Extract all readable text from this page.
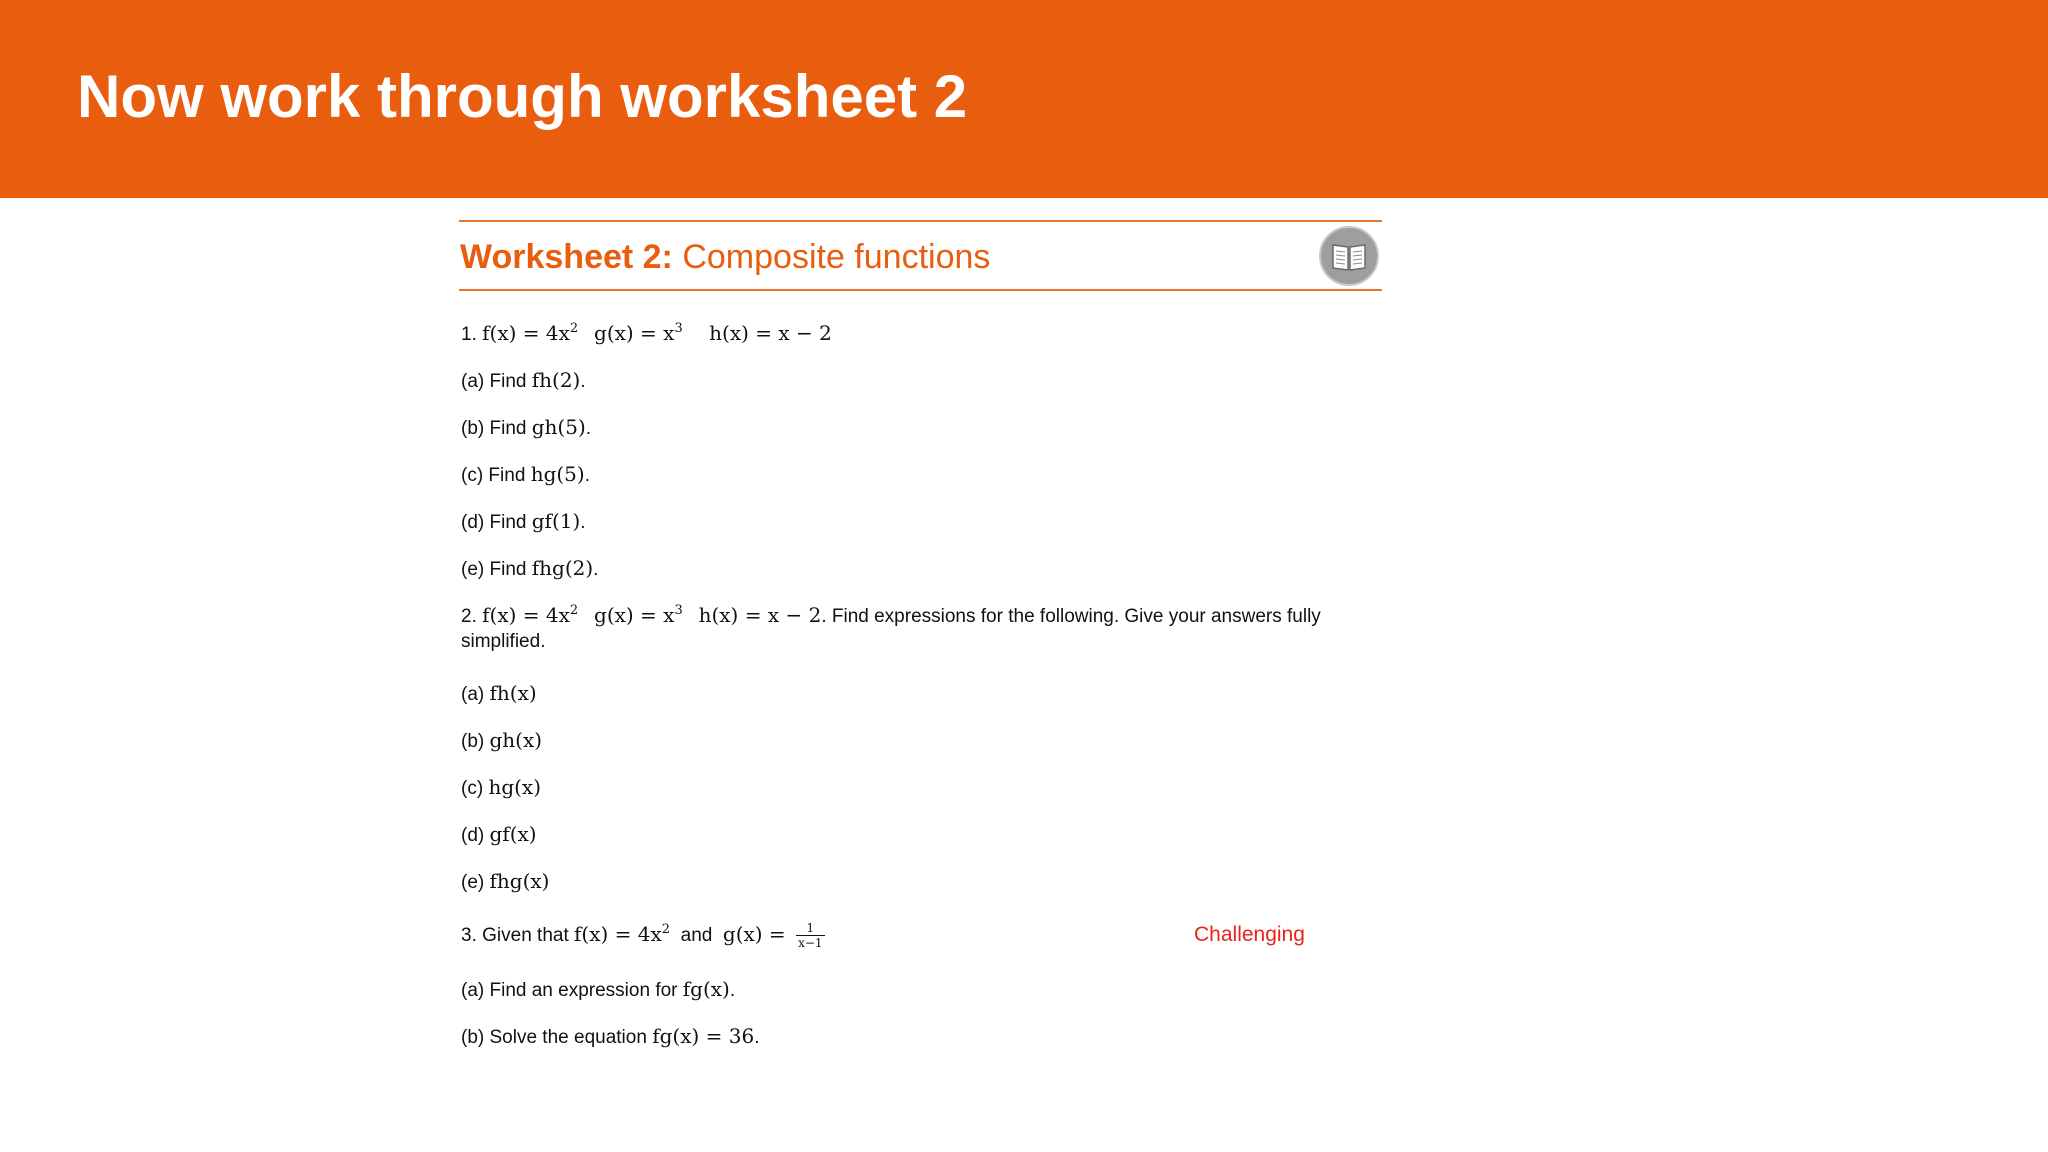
Now work through worksheet 2
Worksheet 2: Composite functions
1. $f(x) = 4x^2$ $g(x) = x^3$ h(x) = x − 2
(a) Find fh(2).
(b) Find gh(5).
(c) Find hg(5).
(d) Find gf(1).
(e) Find fhg(2).
2. $f(x) = 4x^2$ $g(x) = x^3$ h(x) = x − 2. Find expressions for the following. Give your answers fully
simplified.
(a) fh(x)
(b) gh(x)
(c) hg(x)
(d) gf(x)
(e) fhg(x)
3. Given that $f(x) = 4x^2$  and  $g(x) = \frac{1}{x-1}$	Challenging
(a) Find an expression for fg(x).
(b) Solve the equation fg(x) = 36.
